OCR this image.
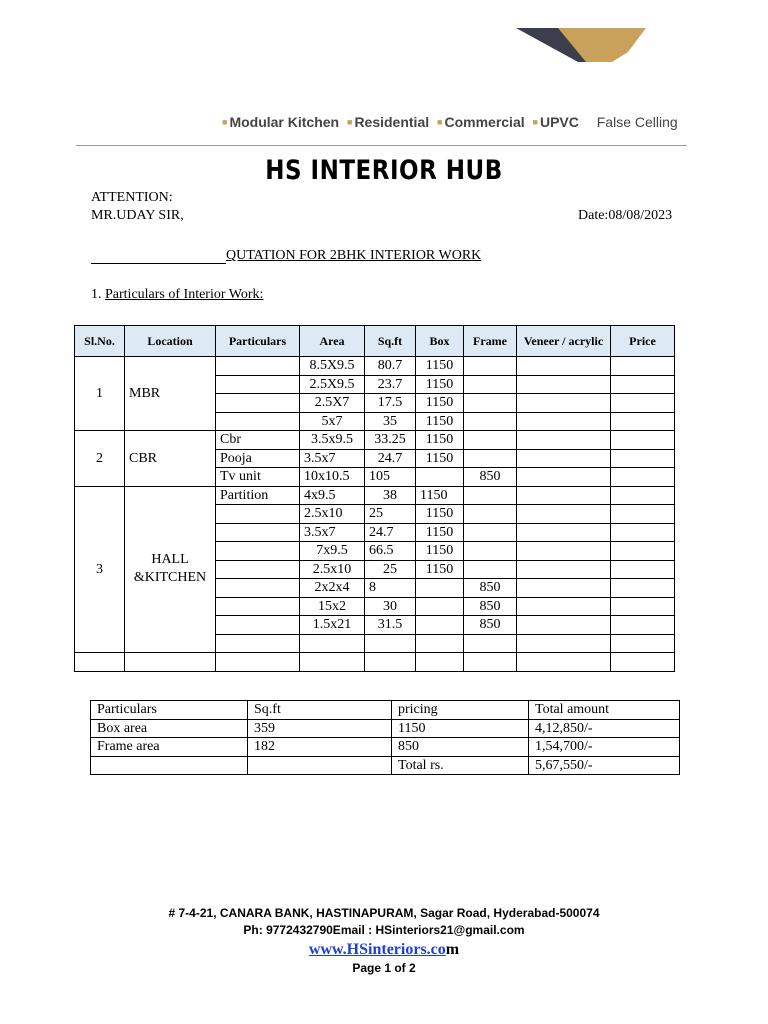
■ Modular Kitchen ■ Residential ■ Commercial ■ UPVC False Celling
HS INTERIOR HUB
ATTENTION:
MR.UDAY SIR,	Date:08/08/2023
QUTATION FOR 2BHK INTERIOR WORK
1. Particulars of Interior Work:
Sl.No.	Location	Particulars	Area	Sq.ft	Box	Frame	Veneer / acrylic	Price
1	MBR		8.5X9.5	80.7	1150			
			2.5X9.5	23.7	1150			
			2.5X7	17.5	1150			
			5x7	35	1150			
2	CBR	Cbr	3.5x9.5	33.25	1150			
		Pooja	3.5x7	24.7	1150			
		Tv unit	10x10.5	105		850		
3	HALL &KITCHEN	Partition	4x9.5	38	1150			
			2.5x10	25	1150			
			3.5x7	24.7	1150			
			7x9.5	66.5	1150			
			2.5x10	25	1150			
			2x2x4	8		850		
			15x2	30		850		
			1.5x21	31.5		850		

Particulars	Sq.ft	pricing	Total amount
Box area	359	1150	4,12,850/-
Frame area	182	850	1,54,700/-
		Total rs.	5,67,550/-
# 7-4-21, CANARA BANK, HASTINAPURAM, Sagar Road, Hyderabad-500074
Ph: 9772432790Email : HSinteriors21@gmail.com
www.HSinteriors.com
Page 1 of 2
